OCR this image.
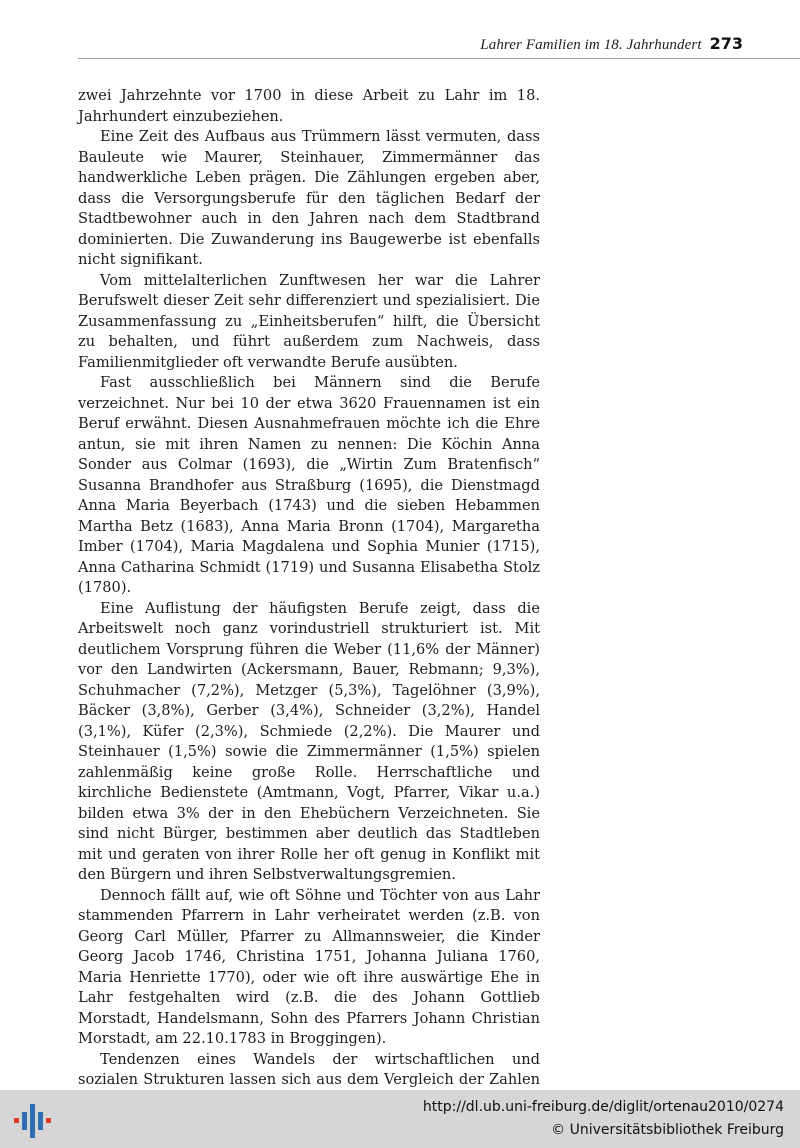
Lahrer Familien im 18. Jahrhundert 273

zwei Jahrzehnte vor 1700 in diese Arbeit zu Lahr im 18. Jahrhundert einzubeziehen.

Eine Zeit des Aufbaus aus Trümmern lässt vermuten, dass Bauleute wie Maurer, Steinhauer, Zimmermänner das handwerkliche Leben prägen. Die Zählungen ergeben aber, dass die Versorgungsberufe für den täglichen Bedarf der Stadtbewohner auch in den Jahren nach dem Stadtbrand dominierten. Die Zuwanderung ins Baugewerbe ist ebenfalls nicht signifikant.

Vom mittelalterlichen Zunftwesen her war die Lahrer Berufswelt dieser Zeit sehr differenziert und spezialisiert. Die Zusammenfassung zu „Einheitsberufen“ hilft, die Übersicht zu behalten, und führt außerdem zum Nachweis, dass Familienmitglieder oft verwandte Berufe ausübten.

Fast ausschließlich bei Männern sind die Berufe verzeichnet. Nur bei 10 der etwa 3620 Frauennamen ist ein Beruf erwähnt. Diesen Ausnahmefrauen möchte ich die Ehre antun, sie mit ihren Namen zu nennen: Die Köchin Anna Sonder aus Colmar (1693), die „Wirtin Zum Bratenfisch“ Susanna Brandhofer aus Straßburg (1695), die Dienstmagd Anna Maria Beyerbach (1743) und die sieben Hebammen Martha Betz (1683), Anna Maria Bronn (1704), Margaretha Imber (1704), Maria Magdalena und Sophia Munier (1715), Anna Catharina Schmidt (1719) und Susanna Elisabetha Stolz (1780).

Eine Auflistung der häufigsten Berufe zeigt, dass die Arbeitswelt noch ganz vorindustriell strukturiert ist. Mit deutlichem Vorsprung führen die Weber (11,6% der Männer) vor den Landwirten (Ackersmann, Bauer, Rebmann; 9,3%), Schuhmacher (7,2%), Metzger (5,3%), Tagelöhner (3,9%), Bäcker (3,8%), Gerber (3,4%), Schneider (3,2%), Handel (3,1%), Küfer (2,3%), Schmiede (2,2%). Die Maurer und Steinhauer (1,5%) sowie die Zimmermänner (1,5%) spielen zahlenmäßig keine große Rolle. Herrschaftliche und kirchliche Bedienstete (Amtmann, Vogt, Pfarrer, Vikar u.a.) bilden etwa 3% der in den Ehebüchern Verzeichneten. Sie sind nicht Bürger, bestimmen aber deutlich das Stadtleben mit und geraten von ihrer Rolle her oft genug in Konflikt mit den Bürgern und ihren Selbstverwaltungsgremien.

Dennoch fällt auf, wie oft Söhne und Töchter von aus Lahr stammenden Pfarrern in Lahr verheiratet werden (z.B. von Georg Carl Müller, Pfarrer zu Allmannsweier, die Kinder Georg Jacob 1746, Christina 1751, Johanna Juliana 1760, Maria Henriette 1770), oder wie oft ihre auswärtige Ehe in Lahr festgehalten wird (z.B. die des Johann Gottlieb Morstadt, Handelsmann, Sohn des Pfarrers Johann Christian Morstadt, am 22.10.1783 in Broggingen).

Tendenzen eines Wandels der wirtschaftlichen und sozialen Strukturen lassen sich aus dem Vergleich der Zahlen

http://dl.ub.uni-freiburg.de/diglit/ortenau2010/0274
© Universitätsbibliothek Freiburg
